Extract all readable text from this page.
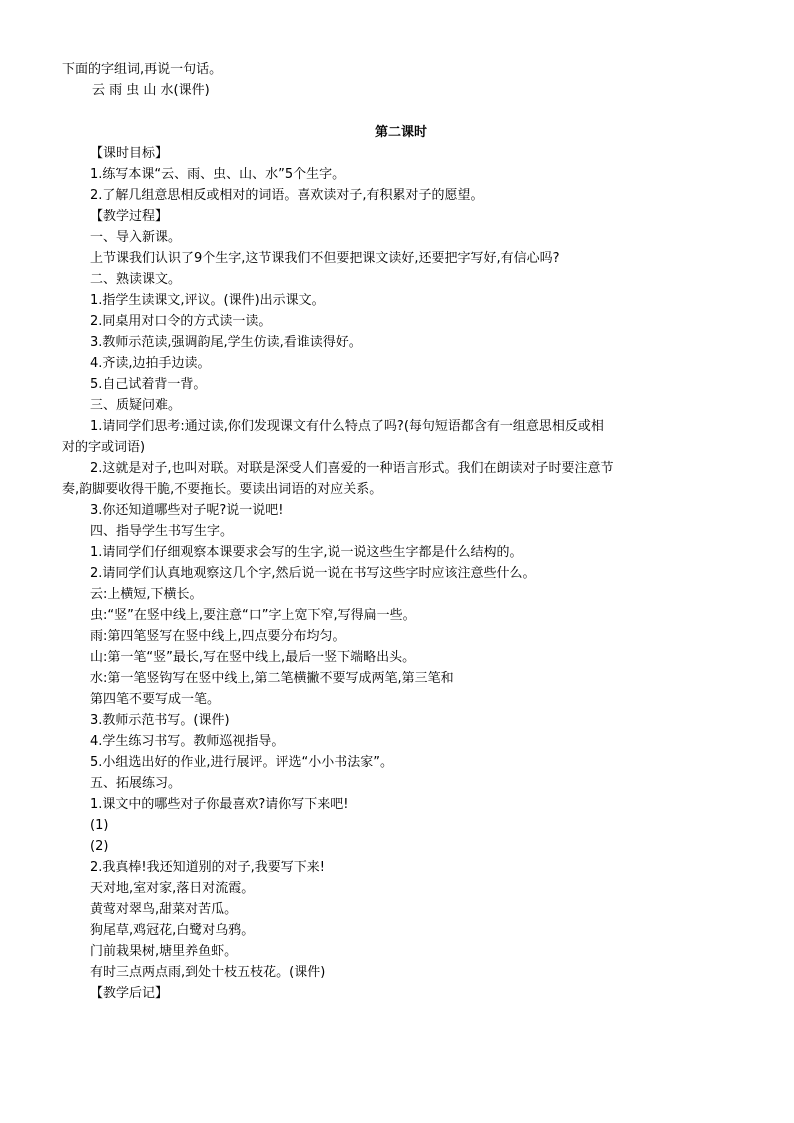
下面的字组词,再说一句话。
云 雨 虫 山 水(课件)
第二课时
【课时目标】
1.练写本课“云、雨、虫、山、水”5个生字。
2.了解几组意思相反或相对的词语。喜欢读对子,有积累对子的愿望。
【教学过程】
一、导入新课。
上节课我们认识了9个生字,这节课我们不但要把课文读好,还要把字写好,有信心吗?
二、熟读课文。
1.指学生读课文,评议。(课件)出示课文。
2.同桌用对口令的方式读一读。
3.教师示范读,强调韵尾,学生仿读,看谁读得好。
4.齐读,边拍手边读。
5.自己试着背一背。
三、质疑问难。
1.请同学们思考:通过读,你们发现课文有什么特点了吗?(每句短语都含有一组意思相反或相
对的字或词语)
2.这就是对子,也叫对联。对联是深受人们喜爱的一种语言形式。我们在朗读对子时要注意节
奏,韵脚要收得干脆,不要拖长。要读出词语的对应关系。
3.你还知道哪些对子呢?说一说吧!
四、指导学生书写生字。
1.请同学们仔细观察本课要求会写的生字,说一说这些生字都是什么结构的。
2.请同学们认真地观察这几个字,然后说一说在书写这些字时应该注意些什么。
云:上横短,下横长。
虫:“竖”在竖中线上,要注意“口”字上宽下窄,写得扁一些。
雨:第四笔竖写在竖中线上,四点要分布均匀。
山:第一笔“竖”最长,写在竖中线上,最后一竖下端略出头。
水:第一笔竖钩写在竖中线上,第二笔横撇不要写成两笔,第三笔和
第四笔不要写成一笔。
3.教师示范书写。(课件)
4.学生练习书写。教师巡视指导。
5.小组选出好的作业,进行展评。评选“小小书法家”。
五、拓展练习。
1.课文中的哪些对子你最喜欢?请你写下来吧!
(1)
(2)
2.我真棒!我还知道别的对子,我要写下来!
天对地,室对家,落日对流霞。
黄莺对翠鸟,甜菜对苦瓜。
狗尾草,鸡冠花,白鹭对乌鸦。
门前栽果树,塘里养鱼虾。
有时三点两点雨,到处十枝五枝花。(课件)
【教学后记】
